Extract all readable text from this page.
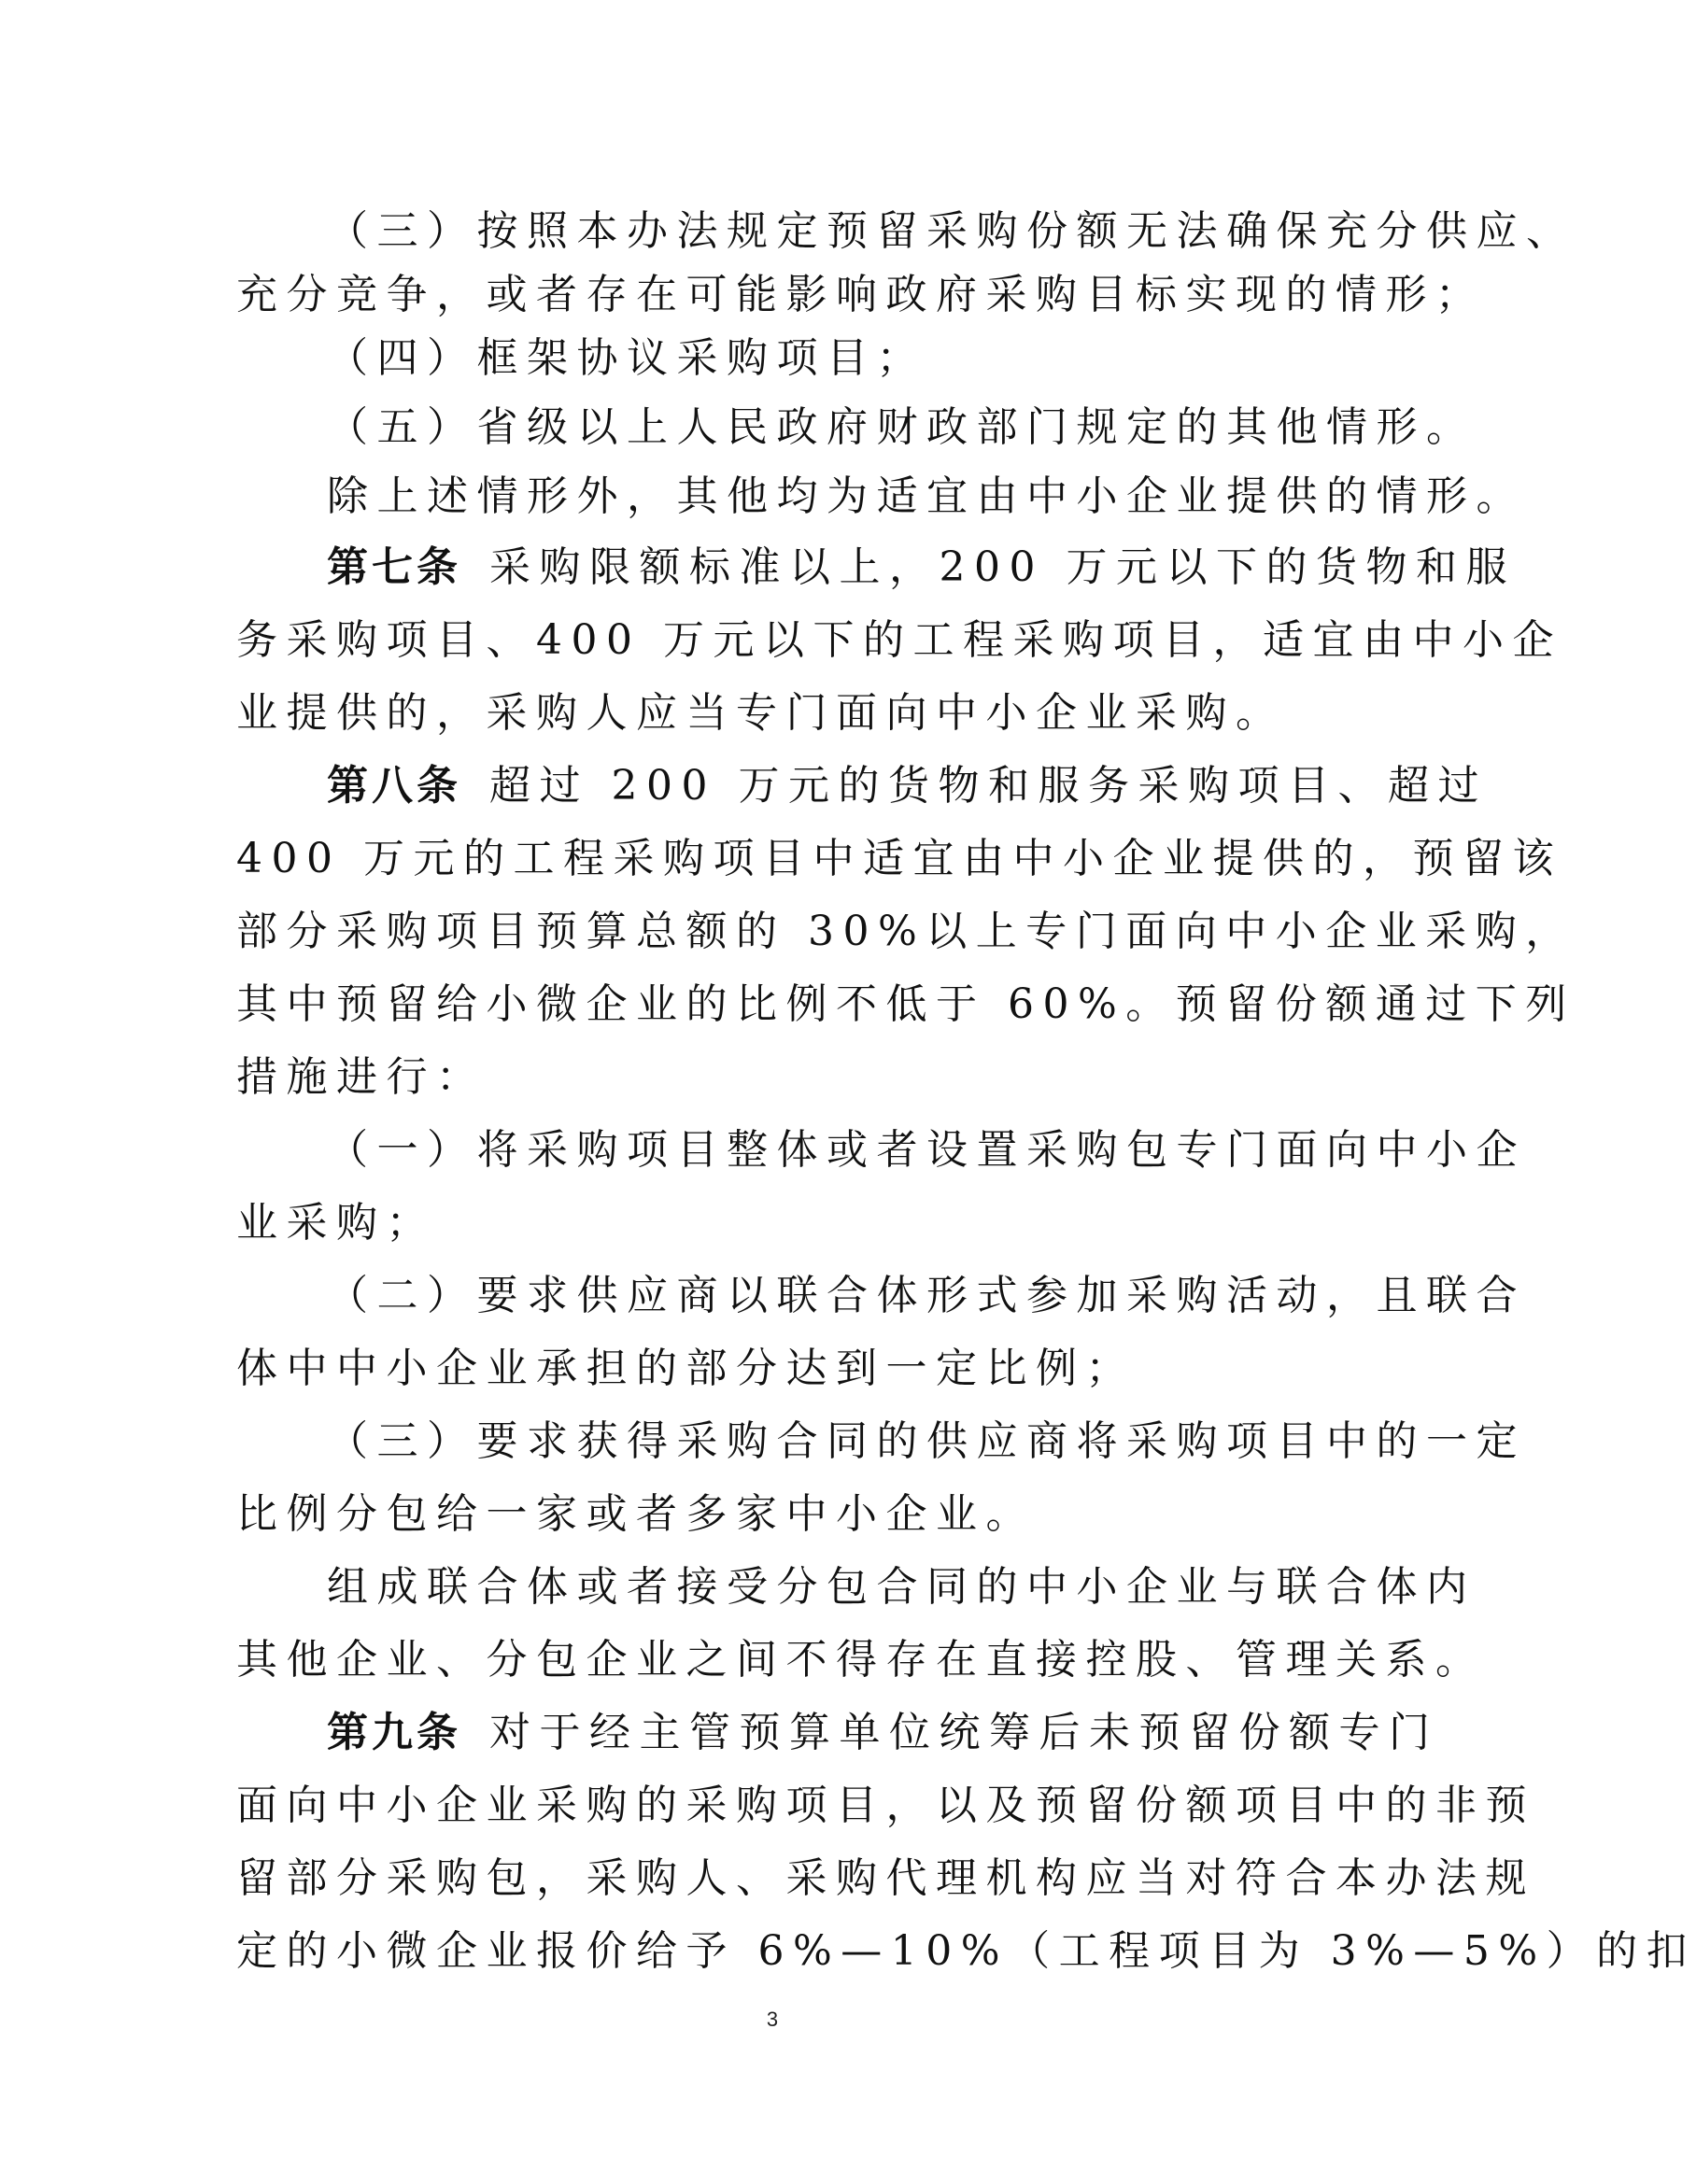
（三）按照本办法规定预留采购份额无法确保充分供应、
充分竞争，或者存在可能影响政府采购目标实现的情形；
（四）框架协议采购项目；
（五）省级以上人民政府财政部门规定的其他情形。
除上述情形外，其他均为适宜由中小企业提供的情形。
第七条 采购限额标准以上，200 万元以下的货物和服
务采购项目、400 万元以下的工程采购项目，适宜由中小企
业提供的，采购人应当专门面向中小企业采购。
第八条 超过 200 万元的货物和服务采购项目、超过
400 万元的工程采购项目中适宜由中小企业提供的，预留该
部分采购项目预算总额的 30%以上专门面向中小企业采购，
其中预留给小微企业的比例不低于 60%。预留份额通过下列
措施进行：
（一）将采购项目整体或者设置采购包专门面向中小企
业采购；
（二）要求供应商以联合体形式参加采购活动，且联合
体中中小企业承担的部分达到一定比例；
（三）要求获得采购合同的供应商将采购项目中的一定
比例分包给一家或者多家中小企业。
组成联合体或者接受分包合同的中小企业与联合体内
其他企业、分包企业之间不得存在直接控股、管理关系。
第九条 对于经主管预算单位统筹后未预留份额专门
面向中小企业采购的采购项目，以及预留份额项目中的非预
留部分采购包，采购人、采购代理机构应当对符合本办法规
定的小微企业报价给予 6%—10%（工程项目为 3%—5%）的扣
3
